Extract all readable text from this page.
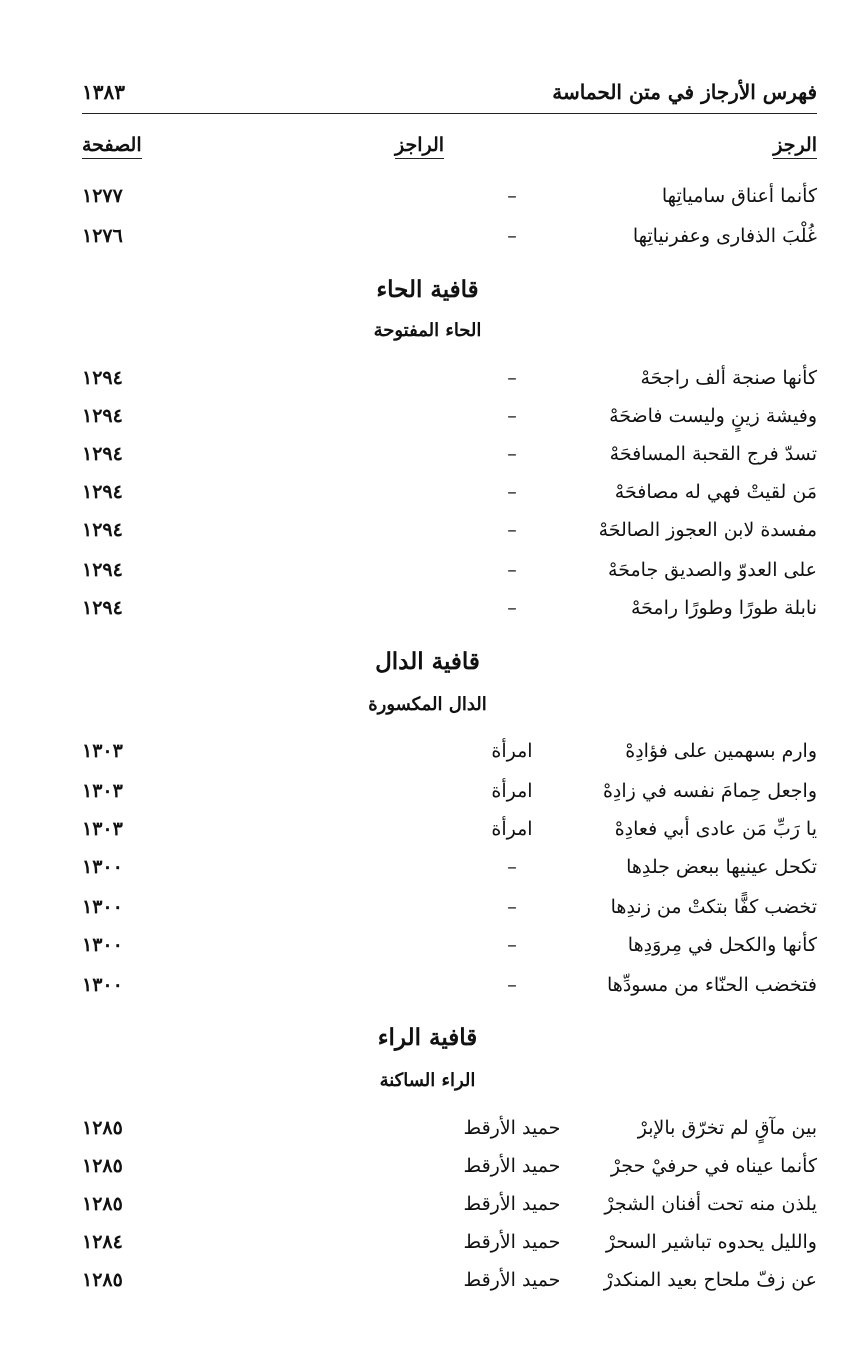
فهرس الأرجاز في متن الحماسة
١٣٨٣
الرجز
الراجز
الصفحة
كأنما أعناق سامياتِها
–
١٢٧٧
غُلْبَ الذفارى وعفرنياتِها
–
١٢٧٦
قافية الحاء
الحاء المفتوحة
كأنها صنجة ألف راجحَهْ
–
١٢٩٤
وفيشة زينٍ وليست فاضحَهْ
–
١٢٩٤
تسدّ فرج القحبة المسافحَهْ
–
١٢٩٤
مَن لقيتْ فهي له مصافحَهْ
–
١٢٩٤
مفسدة لابن العجوز الصالحَهْ
–
١٢٩٤
على العدوّ والصديق جامحَهْ
–
١٢٩٤
نابلة طورًا وطورًا رامحَهْ
–
١٢٩٤
قافية الدال
الدال المكسورة
وارم بسهمين على فؤادِهْ
امرأة
١٣٠٣
واجعل حِمامَ نفسه في زادِهْ
امرأة
١٣٠٣
يا رَبِّ مَن عادى أبي فعادِهْ
امرأة
١٣٠٣
تكحل عينيها ببعض جلدِها
–
١٣٠٠
تخضب كفًّا بتكتْ من زندِها
–
١٣٠٠
كأنها والكحل في مِروَدِها
–
١٣٠٠
فتخضب الحنّاء من مسودِّها
–
١٣٠٠
قافية الراء
الراء الساكنة
بين مآقٍ لم تخرّق بالإبرْ
حميد الأرقط
١٢٨٥
كأنما عيناه في حرفيْ حجرْ
حميد الأرقط
١٢٨٥
يلذن منه تحت أفنان الشجرْ
حميد الأرقط
١٢٨٥
والليل يحدوه تباشير السحرْ
حميد الأرقط
١٢٨٤
عن زفّ ملحاح بعيد المنكدرْ
حميد الأرقط
١٢٨٥
